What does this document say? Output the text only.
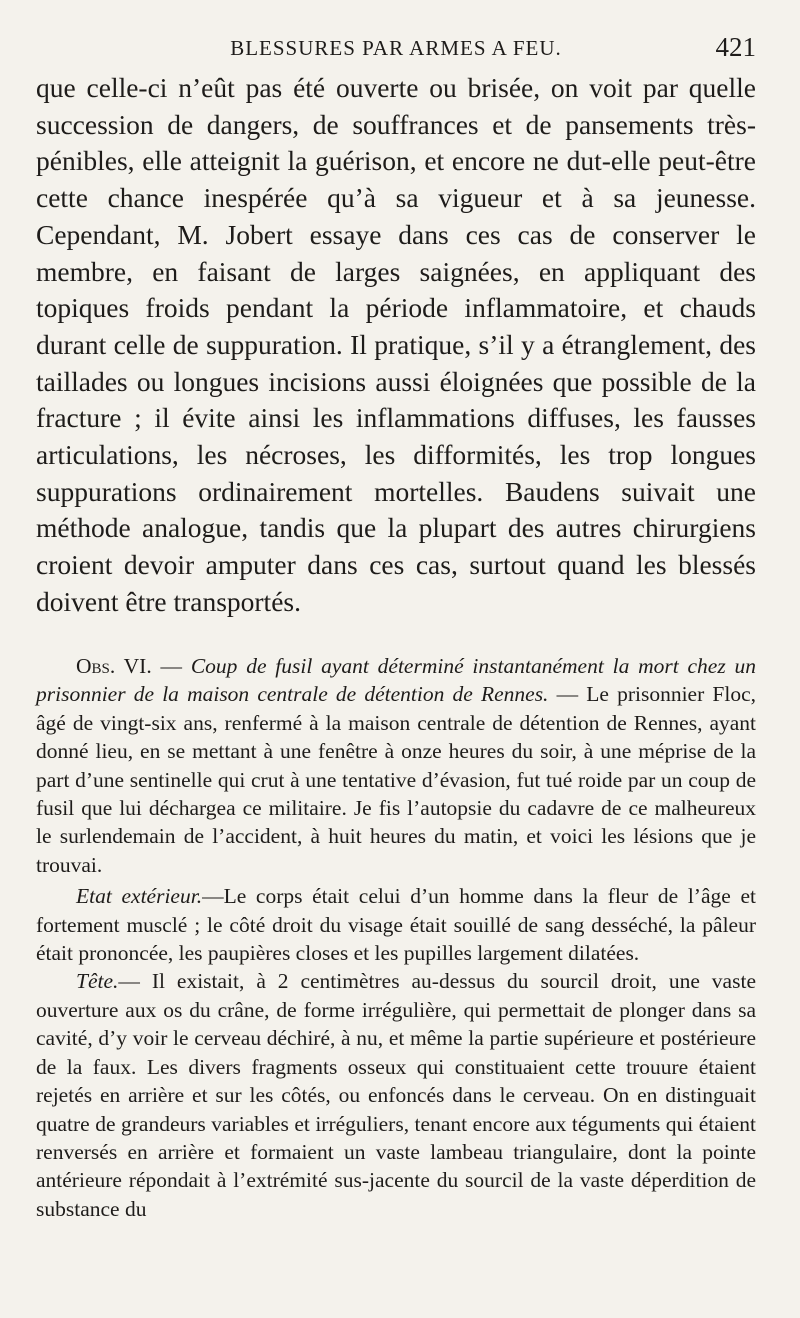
BLESSURES PAR ARMES A FEU.	421

que celle-ci n’eût pas été ouverte ou brisée, on voit par quelle succession de dangers, de souffrances et de pansements très-pénibles, elle atteignit la guérison, et encore ne dut-elle peut-être cette chance inespérée qu’à sa vigueur et à sa jeunesse. Cependant, M. Jobert essaye dans ces cas de conserver le membre, en faisant de larges saignées, en appliquant des topiques froids pendant la période inflammatoire, et chauds durant celle de suppuration. Il pratique, s’il y a étranglement, des taillades ou longues incisions aussi éloignées que possible de la fracture ; il évite ainsi les inflammations diffuses, les fausses articulations, les nécroses, les difformités, les trop longues suppurations ordinairement mortelles. Baudens suivait une méthode analogue, tandis que la plupart des autres chirurgiens croient devoir amputer dans ces cas, surtout quand les blessés doivent être transportés.

Obs. VI. — Coup de fusil ayant déterminé instantanément la mort chez un prisonnier de la maison centrale de détention de Rennes. — Le prisonnier Floc, âgé de vingt-six ans, renfermé à la maison centrale de détention de Rennes, ayant donné lieu, en se mettant à une fenêtre à onze heures du soir, à une méprise de la part d’une sentinelle qui crut à une tentative d’évasion, fut tué roide par un coup de fusil que lui déchargea ce militaire. Je fis l’autopsie du cadavre de ce malheureux le surlendemain de l’accident, à huit heures du matin, et voici les lésions que je trouvai.

Etat extérieur.—Le corps était celui d’un homme dans la fleur de l’âge et fortement musclé ; le côté droit du visage était souillé de sang desséché, la pâleur était prononcée, les paupières closes et les pupilles largement dilatées.

Tête.— Il existait, à 2 centimètres au-dessus du sourcil droit, une vaste ouverture aux os du crâne, de forme irrégulière, qui permettait de plonger dans sa cavité, d’y voir le cerveau déchiré, à nu, et même la partie supérieure et postérieure de la faux. Les divers fragments osseux qui constituaient cette trouure étaient rejetés en arrière et sur les côtés, ou enfoncés dans le cerveau. On en distinguait quatre de grandeurs variables et irréguliers, tenant encore aux téguments qui étaient renversés en arrière et formaient un vaste lambeau triangulaire, dont la pointe antérieure répondait à l’extrémité sus-jacente du sourcil de la vaste déperdition de substance du
